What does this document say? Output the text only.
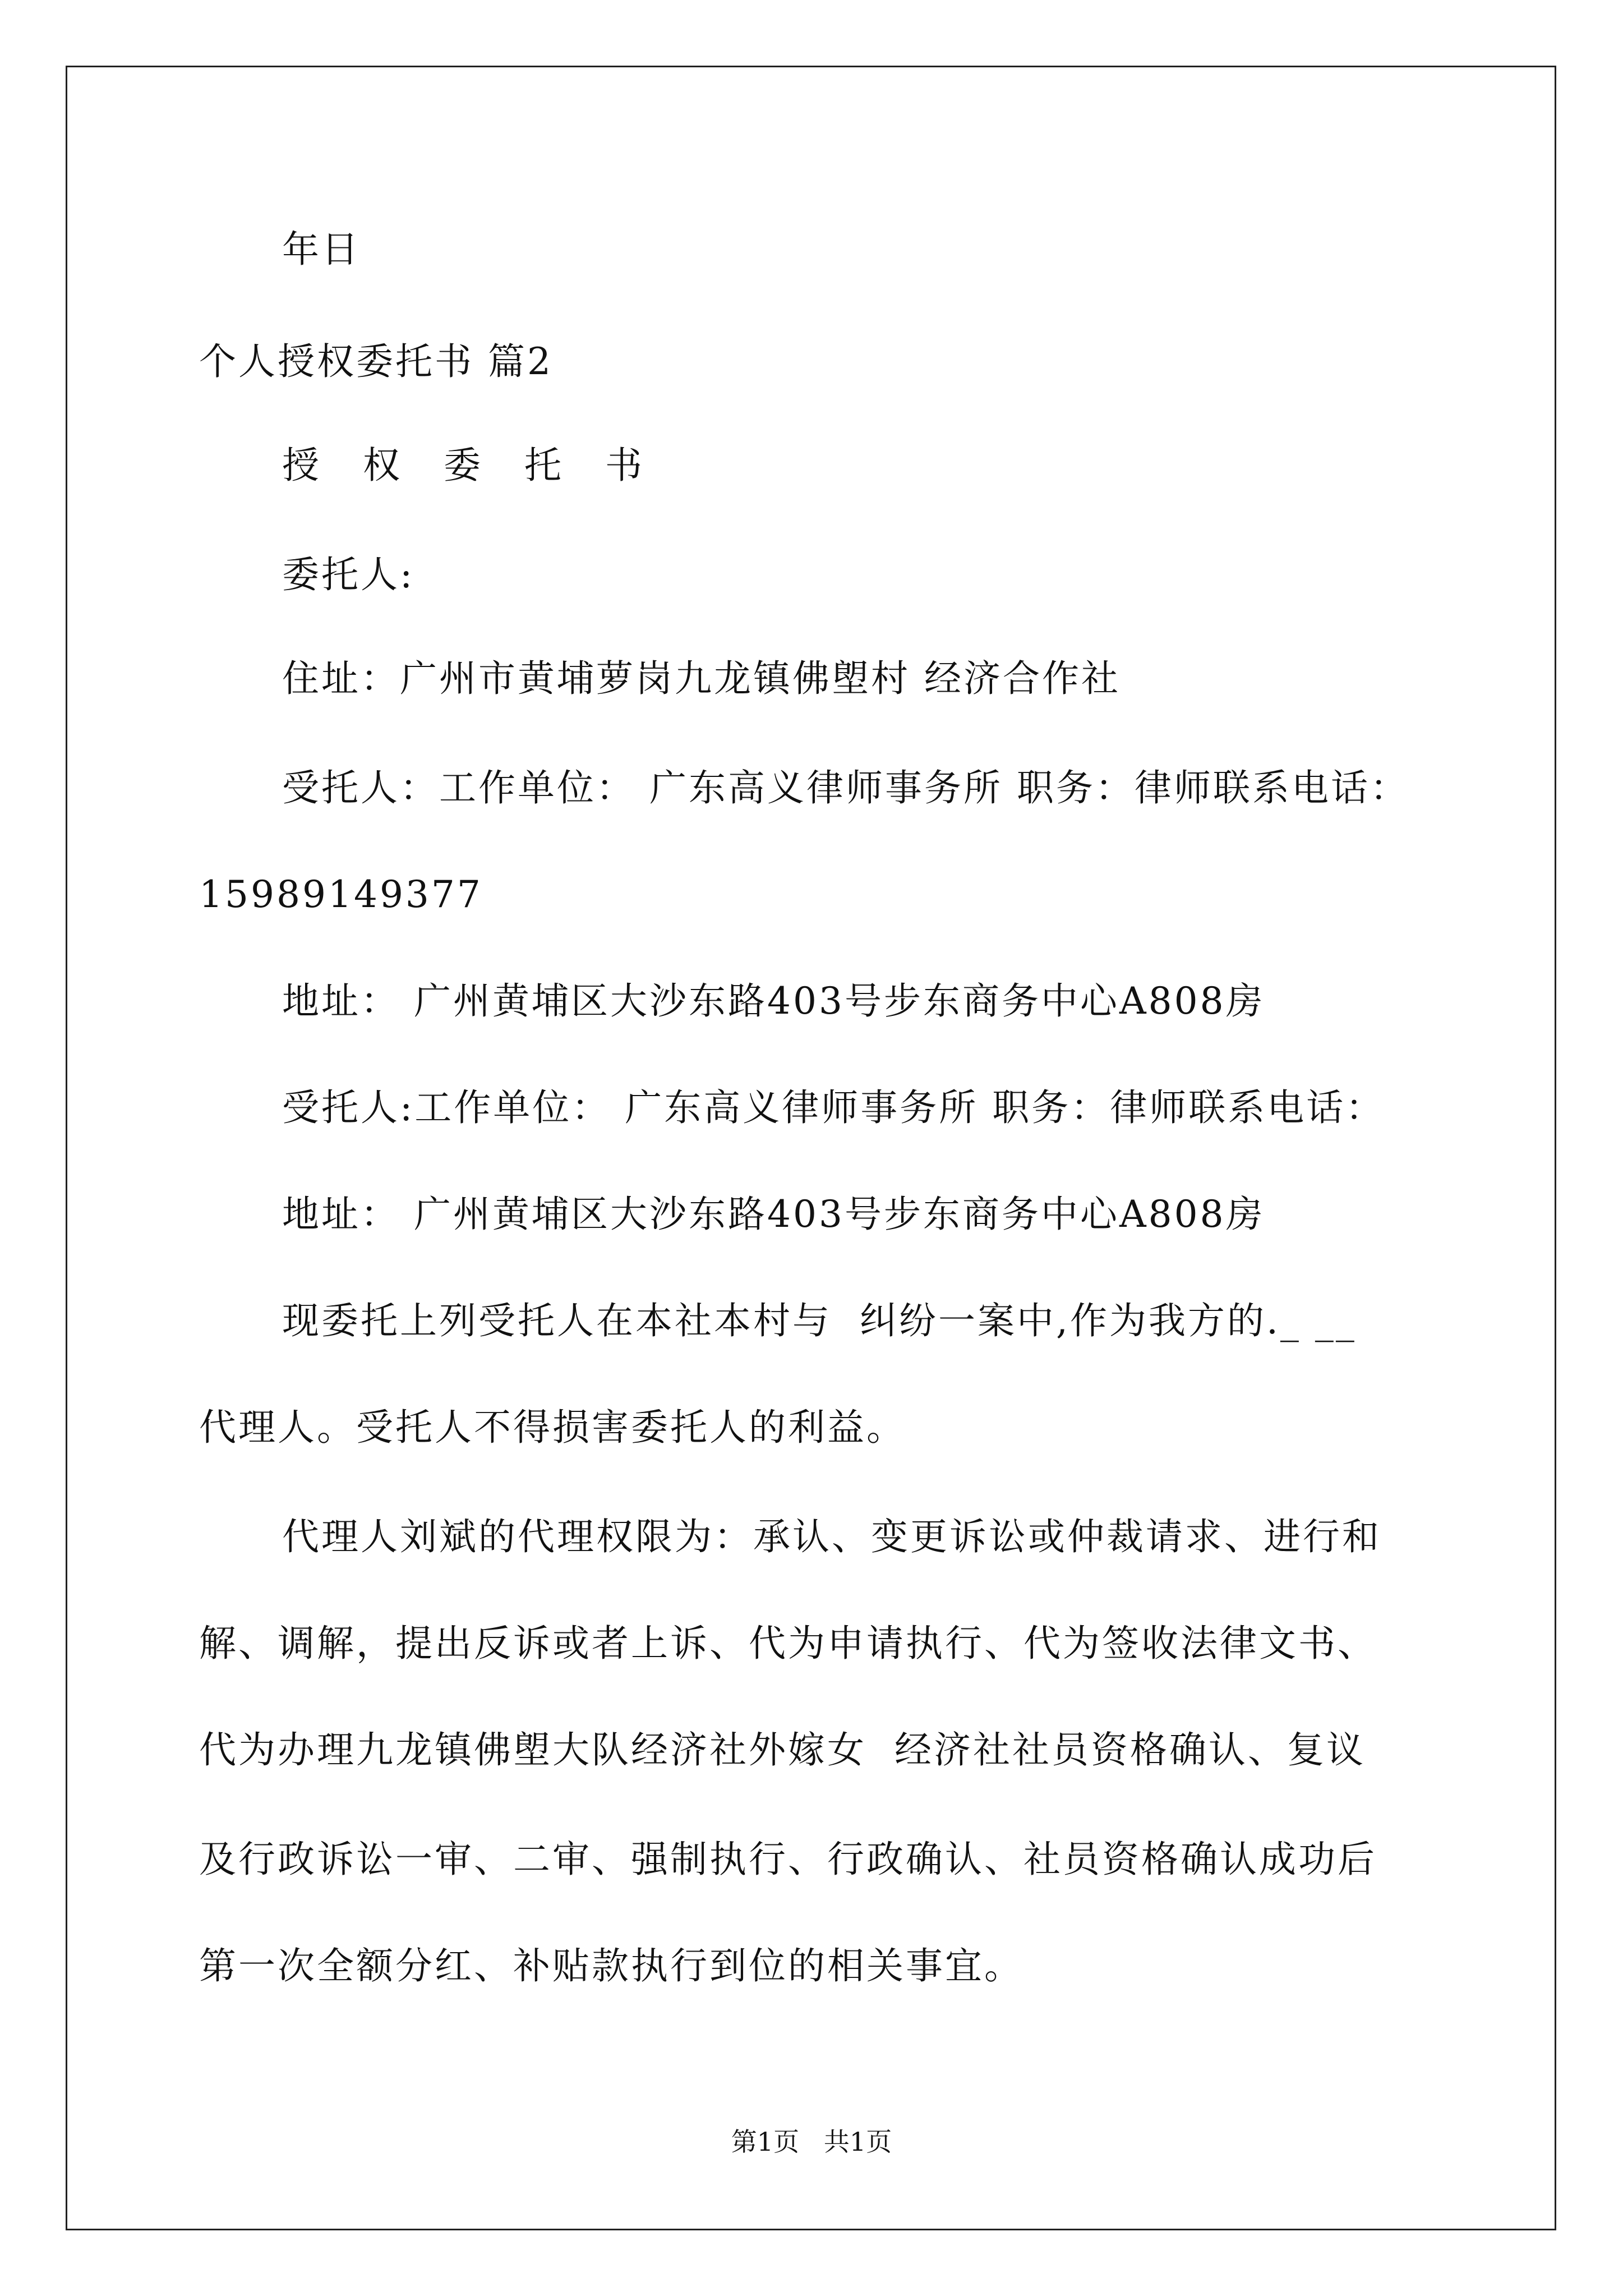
年日
个人授权委托书 篇2
授权委托书
委托人:
住址：广州市黄埔萝岗九龙镇佛塱村 经济合作社
受托人：工作单位： 广东高义律师事务所 职务：律师联系电话：
15989149377
地址： 广州黄埔区大沙东路403号步东商务中心A808房
受托人:工作单位： 广东高义律师事务所 职务：律师联系电话：
地址： 广州黄埔区大沙东路403号步东商务中心A808房
现委托上列受托人在本社本村与  纠纷一案中,作为我方的._ __
代理人。受托人不得损害委托人的利益。
代理人刘斌的代理权限为：承认、变更诉讼或仲裁请求、进行和
解、调解，提出反诉或者上诉、代为申请执行、代为签收法律文书、
代为办理九龙镇佛塱大队经济社外嫁女  经济社社员资格确认、复议
及行政诉讼一审、二审、强制执行、行政确认、社员资格确认成功后
第一次全额分红、补贴款执行到位的相关事宜。
第1页   共1页
